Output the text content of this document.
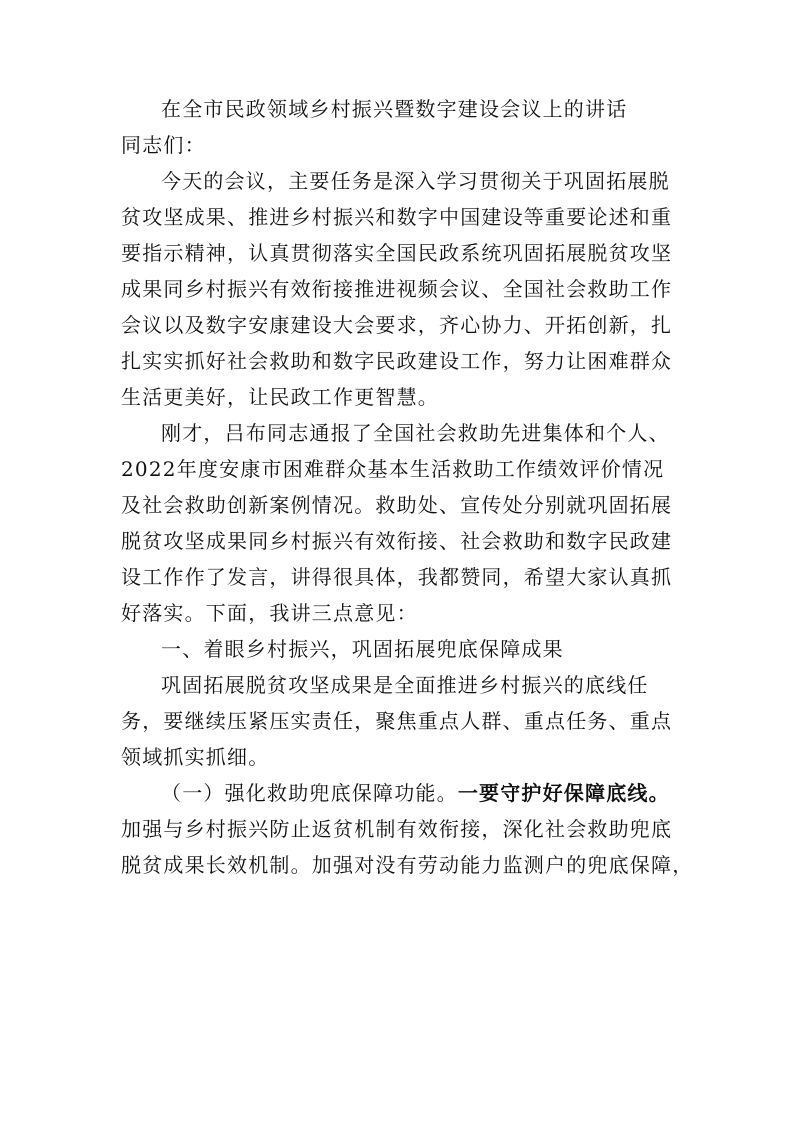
在全市民政领域乡村振兴暨数字建设会议上的讲话
同志们：
今天的会议，主要任务是深入学习贯彻关于巩固拓展脱
贫攻坚成果、推进乡村振兴和数字中国建设等重要论述和重
要指示精神，认真贯彻落实全国民政系统巩固拓展脱贫攻坚
成果同乡村振兴有效衔接推进视频会议、全国社会救助工作
会议以及数字安康建设大会要求，齐心协力、开拓创新，扎
扎实实抓好社会救助和数字民政建设工作，努力让困难群众
生活更美好，让民政工作更智慧。
刚才，吕布同志通报了全国社会救助先进集体和个人、
2022年度安康市困难群众基本生活救助工作绩效评价情况
及社会救助创新案例情况。救助处、宣传处分别就巩固拓展
脱贫攻坚成果同乡村振兴有效衔接、社会救助和数字民政建
设工作作了发言，讲得很具体，我都赞同，希望大家认真抓
好落实。下面，我讲三点意见：
一、着眼乡村振兴，巩固拓展兜底保障成果
巩固拓展脱贫攻坚成果是全面推进乡村振兴的底线任
务，要继续压紧压实责任，聚焦重点人群、重点任务、重点
领域抓实抓细。
（一）强化救助兜底保障功能。一要守护好保障底线。
加强与乡村振兴防止返贫机制有效衔接，深化社会救助兜底
脱贫成果长效机制。加强对没有劳动能力监测户的兜底保障，
